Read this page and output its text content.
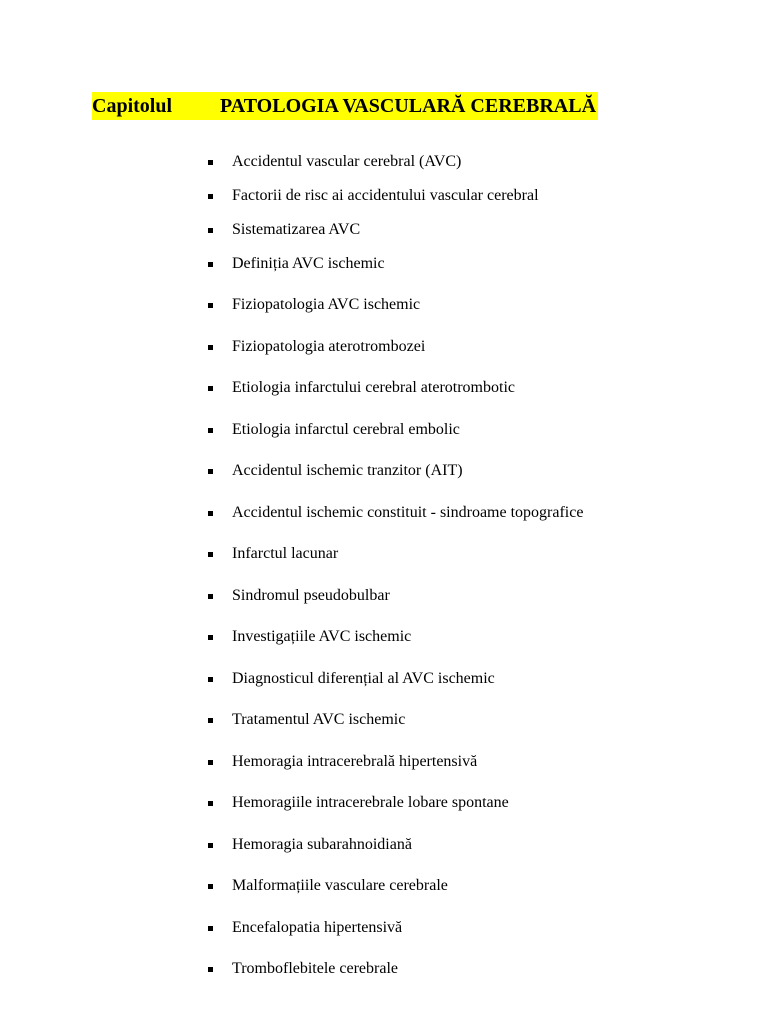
Capitolul	PATOLOGIA VASCULARĂ CEREBRALĂ
Accidentul vascular cerebral (AVC)
Factorii de risc ai accidentului vascular cerebral
Sistematizarea AVC
Definiția AVC ischemic
Fiziopatologia AVC ischemic
Fiziopatologia aterotrombozei
Etiologia infarctului cerebral aterotrombotic
Etiologia infarctul cerebral embolic
Accidentul ischemic tranzitor (AIT)
Accidentul ischemic constituit - sindroame topografice
Infarctul lacunar
Sindromul pseudobulbar
Investigațiile AVC ischemic
Diagnosticul diferențial al AVC ischemic
Tratamentul AVC ischemic
Hemoragia intracerebrală hipertensivă
Hemoragiile intracerebrale lobare spontane
Hemoragia subarahnoidiană
Malformațiile vasculare cerebrale
Encefalopatia hipertensivă
Tromboflebitele cerebrale
